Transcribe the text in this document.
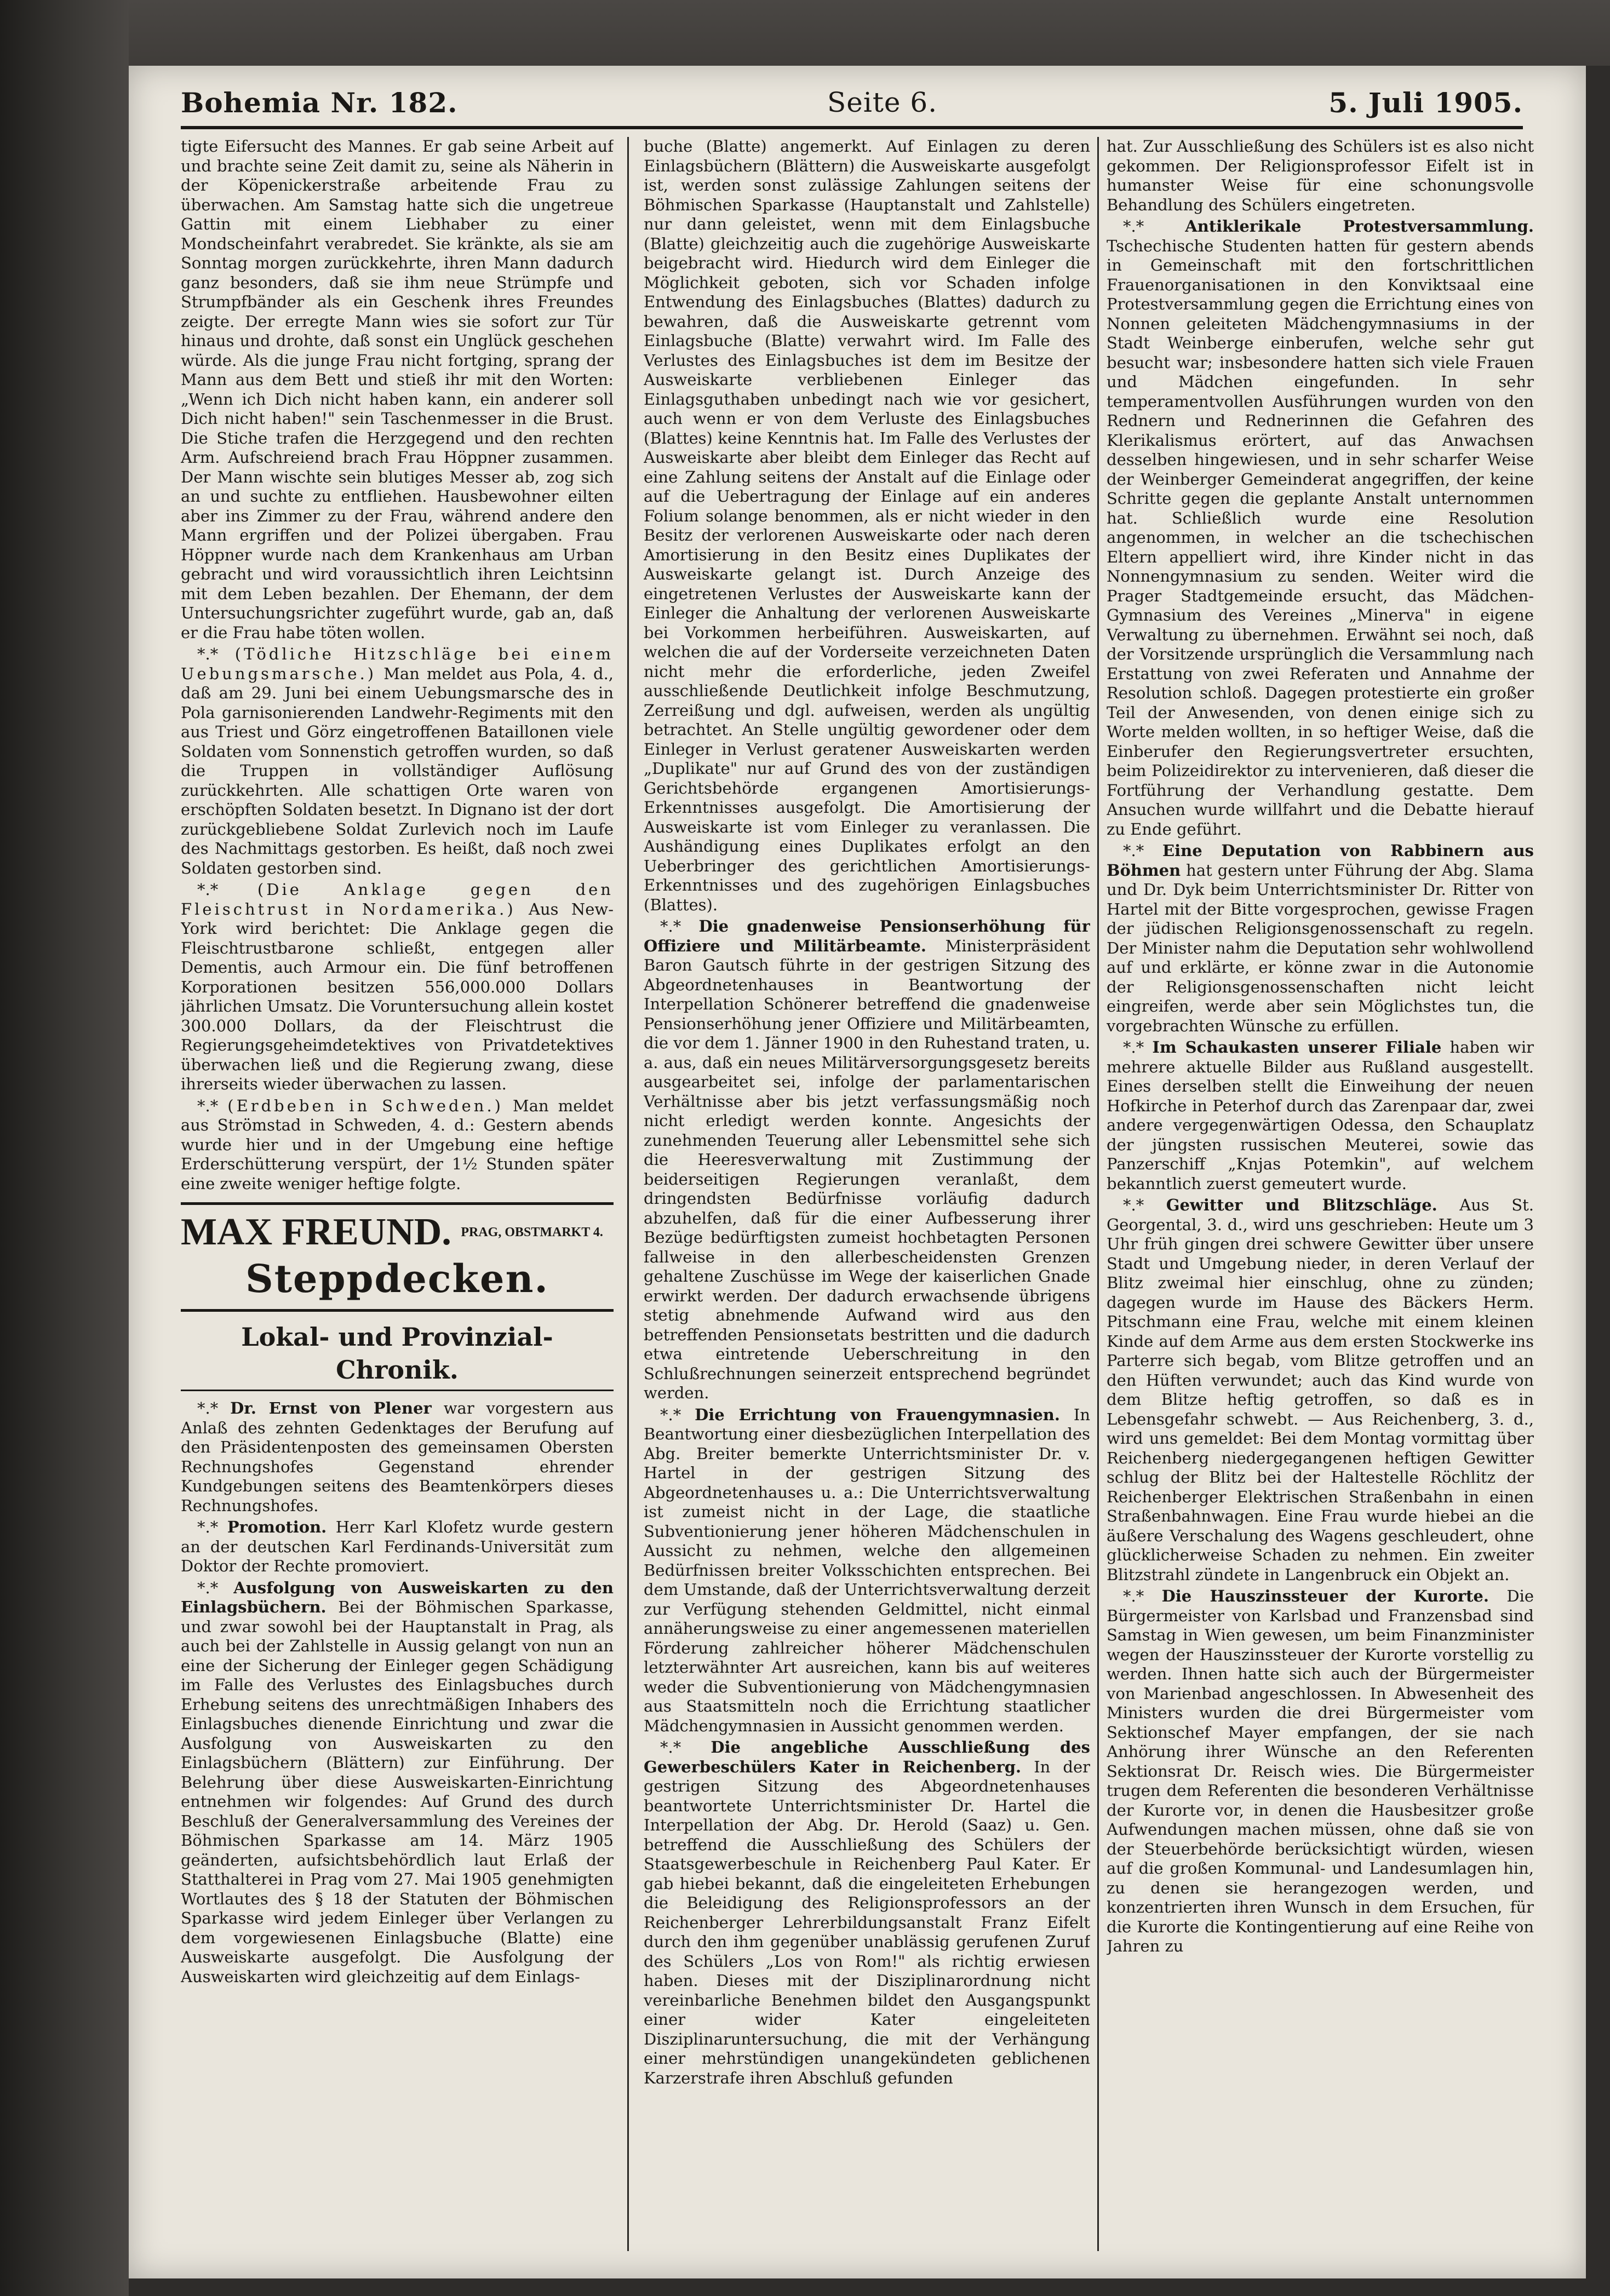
Bohemia Nr. 182.	Seite 6.	5. Juli 1905.

tigte Eifersucht des Mannes. Er gab seine Arbeit auf und brachte seine Zeit damit zu, seine als Näherin in der Köpenickerstraße arbeitende Frau zu überwachen. Am Samstag hatte sich die ungetreue Gattin mit einem Liebhaber zu einer Mondscheinfahrt verabredet. Sie kränkte, als sie am Sonntag morgen zurückkehrte, ihren Mann dadurch ganz besonders, daß sie ihm neue Strümpfe und Strumpfbänder als ein Geschenk ihres Freundes zeigte. Der erregte Mann wies sie sofort zur Tür hinaus und drohte, daß sonst ein Unglück geschehen würde. Als die junge Frau nicht fortging, sprang der Mann aus dem Bett und stieß ihr mit den Worten: „Wenn ich Dich nicht haben kann, ein anderer soll Dich nicht haben!" sein Taschenmesser in die Brust. Die Stiche trafen die Herzgegend und den rechten Arm. Aufschreiend brach Frau Höppner zusammen. Der Mann wischte sein blutiges Messer ab, zog sich an und suchte zu entfliehen. Hausbewohner eilten aber ins Zimmer zu der Frau, während andere den Mann ergriffen und der Polizei übergaben. Frau Höppner wurde nach dem Krankenhaus am Urban gebracht und wird voraussichtlich ihren Leichtsinn mit dem Leben bezahlen. Der Ehemann, der dem Untersuchungsrichter zugeführt wurde, gab an, daß er die Frau habe töten wollen.

*.* (Tödliche Hitzschläge bei einem Uebungsmarsche.) Man meldet aus Pola, 4. d., daß am 29. Juni bei einem Uebungsmarsche des in Pola garnisonierenden Landwehr-Regiments mit den aus Triest und Görz eingetroffenen Bataillonen viele Soldaten vom Sonnenstich getroffen wurden, so daß die Truppen in vollständiger Auflösung zurückkehrten. Alle schattigen Orte waren von erschöpften Soldaten besetzt. In Dignano ist der dort zurückgebliebene Soldat Zurlevich noch im Laufe des Nachmittags gestorben. Es heißt, daß noch zwei Soldaten gestorben sind.

*.* (Die Anklage gegen den Fleischtrust in Nordamerika.) Aus New-York wird berichtet: Die Anklage gegen die Fleischtrustbarone schließt, entgegen aller Dementis, auch Armour ein. Die fünf betroffenen Korporationen besitzen 556,000.000 Dollars jährlichen Umsatz. Die Voruntersuchung allein kostet 300.000 Dollars, da der Fleischtrust die Regierungsgeheimdetektives von Privatdetektives überwachen ließ und die Regierung zwang, diese ihrerseits wieder überwachen zu lassen.

*.* (Erdbeben in Schweden.) Man meldet aus Strömstad in Schweden, 4. d.: Gestern abends wurde hier und in der Umgebung eine heftige Erderschütterung verspürt, der 1½ Stunden später eine zweite weniger heftige folgte.

MAX FREUND. $^{PRAG, OBSTMARKT 4.}$
Steppdecken.
Lokal- und Provinzial-Chronik.

*.* Dr. Ernst von Plener war vorgestern aus Anlaß des zehnten Gedenktages der Berufung auf den Präsidentenposten des gemeinsamen Obersten Rechnungshofes Gegenstand ehrender Kundgebungen seitens des Beamtenkörpers dieses Rechnungshofes.

*.* Promotion. Herr Karl Klofetz wurde gestern an der deutschen Karl Ferdinands-Universität zum Doktor der Rechte promoviert.

*.* Ausfolgung von Ausweiskarten zu den Einlagsbüchern. Bei der Böhmischen Sparkasse, und zwar sowohl bei der Hauptanstalt in Prag, als auch bei der Zahlstelle in Aussig gelangt von nun an eine der Sicherung der Einleger gegen Schädigung im Falle des Verlustes des Einlagsbuches durch Erhebung seitens des unrechtmäßigen Inhabers des Einlagsbuches dienende Einrichtung und zwar die Ausfolgung von Ausweiskarten zu den Einlagsbüchern (Blättern) zur Einführung. Der Belehrung über diese Ausweiskarten-Einrichtung entnehmen wir folgendes: Auf Grund des durch Beschluß der Generalversammlung des Vereines der Böhmischen Sparkasse am 14. März 1905 geänderten, aufsichtsbehördlich laut Erlaß der Statthalterei in Prag vom 27. Mai 1905 genehmigten Wortlautes des § 18 der Statuten der Böhmischen Sparkasse wird jedem Einleger über Verlangen zu dem vorgewiesenen Einlagsbuche (Blatte) eine Ausweiskarte ausgefolgt. Die Ausfolgung der Ausweiskarten wird gleichzeitig auf dem Einlags-

buche (Blatte) angemerkt. Auf Einlagen zu deren Einlagsbüchern (Blättern) die Ausweiskarte ausgefolgt ist, werden sonst zulässige Zahlungen seitens der Böhmischen Sparkasse (Hauptanstalt und Zahlstelle) nur dann geleistet, wenn mit dem Einlagsbuche (Blatte) gleichzeitig auch die zugehörige Ausweiskarte beigebracht wird. Hiedurch wird dem Einleger die Möglichkeit geboten, sich vor Schaden infolge Entwendung des Einlagsbuches (Blattes) dadurch zu bewahren, daß die Ausweiskarte getrennt vom Einlagsbuche (Blatte) verwahrt wird. Im Falle des Verlustes des Einlagsbuches ist dem im Besitze der Ausweiskarte verbliebenen Einleger das Einlagsguthaben unbedingt nach wie vor gesichert, auch wenn er von dem Verluste des Einlagsbuches (Blattes) keine Kenntnis hat. Im Falle des Verlustes der Ausweiskarte aber bleibt dem Einleger das Recht auf eine Zahlung seitens der Anstalt auf die Einlage oder auf die Uebertragung der Einlage auf ein anderes Folium solange benommen, als er nicht wieder in den Besitz der verlorenen Ausweiskarte oder nach deren Amortisierung in den Besitz eines Duplikates der Ausweiskarte gelangt ist. Durch Anzeige des eingetretenen Verlustes der Ausweiskarte kann der Einleger die Anhaltung der verlorenen Ausweiskarte bei Vorkommen herbeiführen. Ausweiskarten, auf welchen die auf der Vorderseite verzeichneten Daten nicht mehr die erforderliche, jeden Zweifel ausschließende Deutlichkeit infolge Beschmutzung, Zerreißung und dgl. aufweisen, werden als ungültig betrachtet. An Stelle ungültig gewordener oder dem Einleger in Verlust geratener Ausweiskarten werden „Duplikate" nur auf Grund des von der zuständigen Gerichtsbehörde ergangenen Amortisierungs-Erkenntnisses ausgefolgt. Die Amortisierung der Ausweiskarte ist vom Einleger zu veranlassen. Die Aushändigung eines Duplikates erfolgt an den Ueberbringer des gerichtlichen Amortisierungs-Erkenntnisses und des zugehörigen Einlagsbuches (Blattes).

*.* Die gnadenweise Pensionserhöhung für Offiziere und Militärbeamte. Ministerpräsident Baron Gautsch führte in der gestrigen Sitzung des Abgeordnetenhauses in Beantwortung der Interpellation Schönerer betreffend die gnadenweise Pensionserhöhung jener Offiziere und Militärbeamten, die vor dem 1. Jänner 1900 in den Ruhestand traten, u. a. aus, daß ein neues Militärversorgungsgesetz bereits ausgearbeitet sei, infolge der parlamentarischen Verhältnisse aber bis jetzt verfassungsmäßig noch nicht erledigt werden konnte. Angesichts der zunehmenden Teuerung aller Lebensmittel sehe sich die Heeresverwaltung mit Zustimmung der beiderseitigen Regierungen veranlaßt, dem dringendsten Bedürfnisse vorläufig dadurch abzuhelfen, daß für die einer Aufbesserung ihrer Bezüge bedürftigsten zumeist hochbetagten Personen fallweise in den allerbescheidensten Grenzen gehaltene Zuschüsse im Wege der kaiserlichen Gnade erwirkt werden. Der dadurch erwachsende übrigens stetig abnehmende Aufwand wird aus den betreffenden Pensionsetats bestritten und die dadurch etwa eintretende Ueberschreitung in den Schlußrechnungen seinerzeit entsprechend begründet werden.

*.* Die Errichtung von Frauengymnasien. In Beantwortung einer diesbezüglichen Interpellation des Abg. Breiter bemerkte Unterrichtsminister Dr. v. Hartel in der gestrigen Sitzung des Abgeordnetenhauses u. a.: Die Unterrichtsverwaltung ist zumeist nicht in der Lage, die staatliche Subventionierung jener höheren Mädchenschulen in Aussicht zu nehmen, welche den allgemeinen Bedürfnissen breiter Volksschichten entsprechen. Bei dem Umstande, daß der Unterrichtsverwaltung derzeit zur Verfügung stehenden Geldmittel, nicht einmal annäherungsweise zu einer angemessenen materiellen Förderung zahlreicher höherer Mädchenschulen letzterwähnter Art ausreichen, kann bis auf weiteres weder die Subventionierung von Mädchengymnasien aus Staatsmitteln noch die Errichtung staatlicher Mädchengymnasien in Aussicht genommen werden.

*.* Die angebliche Ausschließung des Gewerbeschülers Kater in Reichenberg. In der gestrigen Sitzung des Abgeordnetenhauses beantwortete Unterrichtsminister Dr. Hartel die Interpellation der Abg. Dr. Herold (Saaz) u. Gen. betreffend die Ausschließung des Schülers der Staatsgewerbeschule in Reichenberg Paul Kater. Er gab hiebei bekannt, daß die eingeleiteten Erhebungen die Beleidigung des Religionsprofessors an der Reichenberger Lehrerbildungsanstalt Franz Eifelt durch den ihm gegenüber unablässig gerufenen Zuruf des Schülers „Los von Rom!" als richtig erwiesen haben. Dieses mit der Disziplinarordnung nicht vereinbarliche Benehmen bildet den Ausgangspunkt einer wider Kater eingeleiteten Disziplinaruntersuchung, die mit der Verhängung einer mehrstündigen unangekündeten geblichenen Karzerstrafe ihren Abschluß gefunden

hat. Zur Ausschließung des Schülers ist es also nicht gekommen. Der Religionsprofessor Eifelt ist in humanster Weise für eine schonungsvolle Behandlung des Schülers eingetreten.

*.* Antiklerikale Protestversammlung. Tschechische Studenten hatten für gestern abends in Gemeinschaft mit den fortschrittlichen Frauenorganisationen in den Konviktsaal eine Protestversammlung gegen die Errichtung eines von Nonnen geleiteten Mädchengymnasiums in der Stadt Weinberge einberufen, welche sehr gut besucht war; insbesondere hatten sich viele Frauen und Mädchen eingefunden. In sehr temperamentvollen Ausführungen wurden von den Rednern und Rednerinnen die Gefahren des Klerikalismus erörtert, auf das Anwachsen desselben hingewiesen, und in sehr scharfer Weise der Weinberger Gemeinderat angegriffen, der keine Schritte gegen die geplante Anstalt unternommen hat. Schließlich wurde eine Resolution angenommen, in welcher an die tschechischen Eltern appelliert wird, ihre Kinder nicht in das Nonnengymnasium zu senden. Weiter wird die Prager Stadtgemeinde ersucht, das Mädchen-Gymnasium des Vereines „Minerva" in eigene Verwaltung zu übernehmen. Erwähnt sei noch, daß der Vorsitzende ursprünglich die Versammlung nach Erstattung von zwei Referaten und Annahme der Resolution schloß. Dagegen protestierte ein großer Teil der Anwesenden, von denen einige sich zu Worte melden wollten, in so heftiger Weise, daß die Einberufer den Regierungsvertreter ersuchten, beim Polizeidirektor zu intervenieren, daß dieser die Fortführung der Verhandlung gestatte. Dem Ansuchen wurde willfahrt und die Debatte hierauf zu Ende geführt.

*.* Eine Deputation von Rabbinern aus Böhmen hat gestern unter Führung der Abg. Slama und Dr. Dyk beim Unterrichtsminister Dr. Ritter von Hartel mit der Bitte vorgesprochen, gewisse Fragen der jüdischen Religionsgenossenschaft zu regeln. Der Minister nahm die Deputation sehr wohlwollend auf und erklärte, er könne zwar in die Autonomie der Religionsgenossenschaften nicht leicht eingreifen, werde aber sein Möglichstes tun, die vorgebrachten Wünsche zu erfüllen.

*.* Im Schaukasten unserer Filiale haben wir mehrere aktuelle Bilder aus Rußland ausgestellt. Eines derselben stellt die Einweihung der neuen Hofkirche in Peterhof durch das Zarenpaar dar, zwei andere vergegenwärtigen Odessa, den Schauplatz der jüngsten russischen Meuterei, sowie das Panzerschiff „Knjas Potemkin", auf welchem bekanntlich zuerst gemeutert wurde.

*.* Gewitter und Blitzschläge. Aus St. Georgental, 3. d., wird uns geschrieben: Heute um 3 Uhr früh gingen drei schwere Gewitter über unsere Stadt und Umgebung nieder, in deren Verlauf der Blitz zweimal hier einschlug, ohne zu zünden; dagegen wurde im Hause des Bäckers Herm. Pitschmann eine Frau, welche mit einem kleinen Kinde auf dem Arme aus dem ersten Stockwerke ins Parterre sich begab, vom Blitze getroffen und an den Hüften verwundet; auch das Kind wurde von dem Blitze heftig getroffen, so daß es in Lebensgefahr schwebt. — Aus Reichenberg, 3. d., wird uns gemeldet: Bei dem Montag vormittag über Reichenberg niedergegangenen heftigen Gewitter schlug der Blitz bei der Haltestelle Röchlitz der Reichenberger Elektrischen Straßenbahn in einen Straßenbahnwagen. Eine Frau wurde hiebei an die äußere Verschalung des Wagens geschleudert, ohne glücklicherweise Schaden zu nehmen. Ein zweiter Blitzstrahl zündete in Langenbruck ein Objekt an.

*.* Die Hauszinssteuer der Kurorte. Die Bürgermeister von Karlsbad und Franzensbad sind Samstag in Wien gewesen, um beim Finanzminister wegen der Hauszinssteuer der Kurorte vorstellig zu werden. Ihnen hatte sich auch der Bürgermeister von Marienbad angeschlossen. In Abwesenheit des Ministers wurden die drei Bürgermeister vom Sektionschef Mayer empfangen, der sie nach Anhörung ihrer Wünsche an den Referenten Sektionsrat Dr. Reisch wies. Die Bürgermeister trugen dem Referenten die besonderen Verhältnisse der Kurorte vor, in denen die Hausbesitzer große Aufwendungen machen müssen, ohne daß sie von der Steuerbehörde berücksichtigt würden, wiesen auf die großen Kommunal- und Landesumlagen hin, zu denen sie herangezogen werden, und konzentrierten ihren Wunsch in dem Ersuchen, für die Kurorte die Kontingentierung auf eine Reihe von Jahren zu
